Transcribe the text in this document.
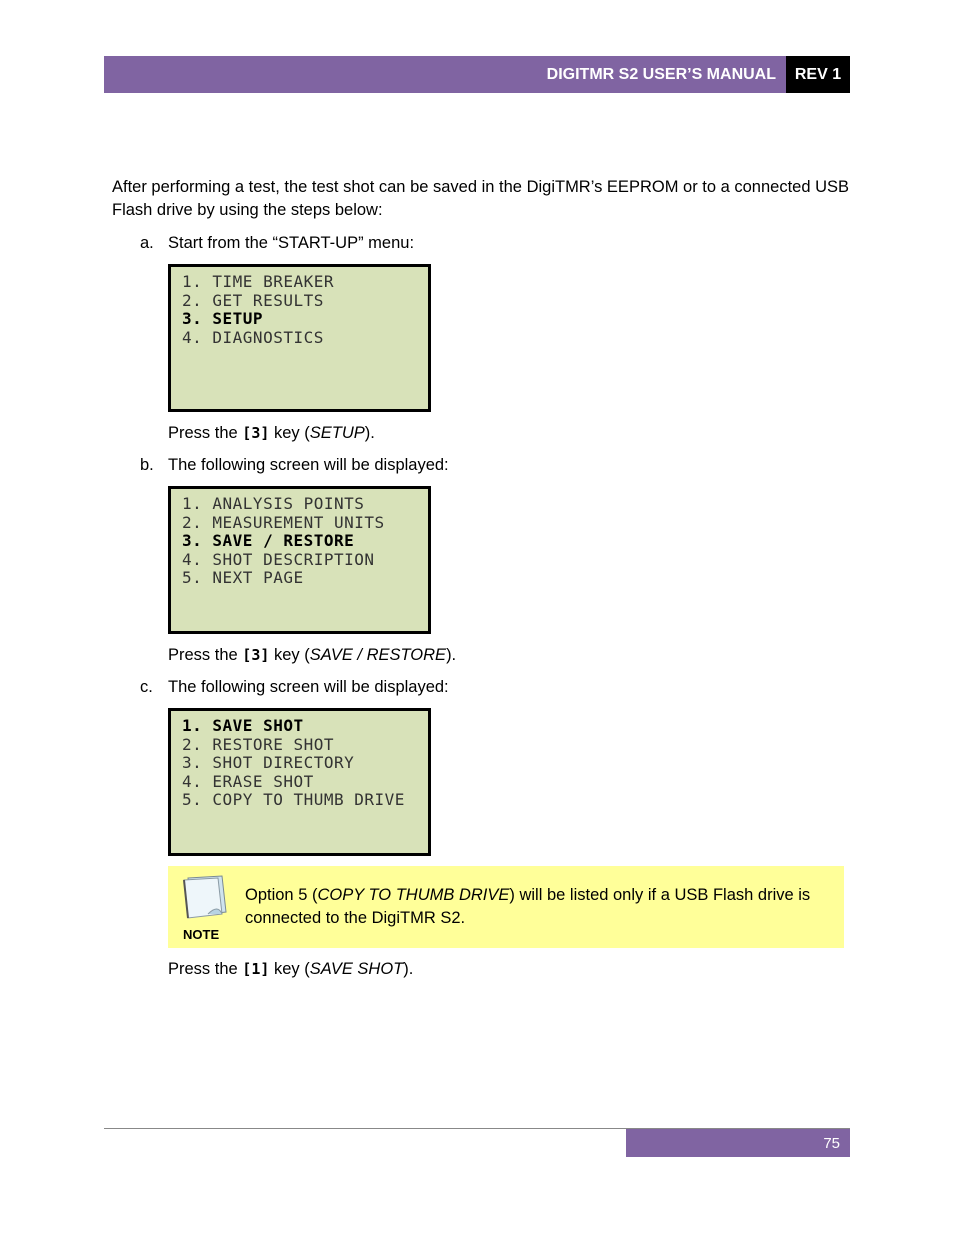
DIGITMR S2 USER’S MANUAL	REV 1
After performing a test, the test shot can be saved in the DigiTMR’s EEPROM or to a connected USB Flash drive by using the steps below:
a. Start from the “START-UP” menu:
1. TIME BREAKER
2. GET RESULTS
3. SETUP
4. DIAGNOSTICS
Press the [3] key (SETUP).
b. The following screen will be displayed:
1. ANALYSIS POINTS
2. MEASUREMENT UNITS
3. SAVE / RESTORE
4. SHOT DESCRIPTION
5. NEXT PAGE
Press the [3] key (SAVE / RESTORE).
c. The following screen will be displayed:
1. SAVE SHOT
2. RESTORE SHOT
3. SHOT DIRECTORY
4. ERASE SHOT
5. COPY TO THUMB DRIVE
NOTE
Option 5 (COPY TO THUMB DRIVE) will be listed only if a USB Flash drive is connected to the DigiTMR S2.
Press the [1] key (SAVE SHOT).
75
